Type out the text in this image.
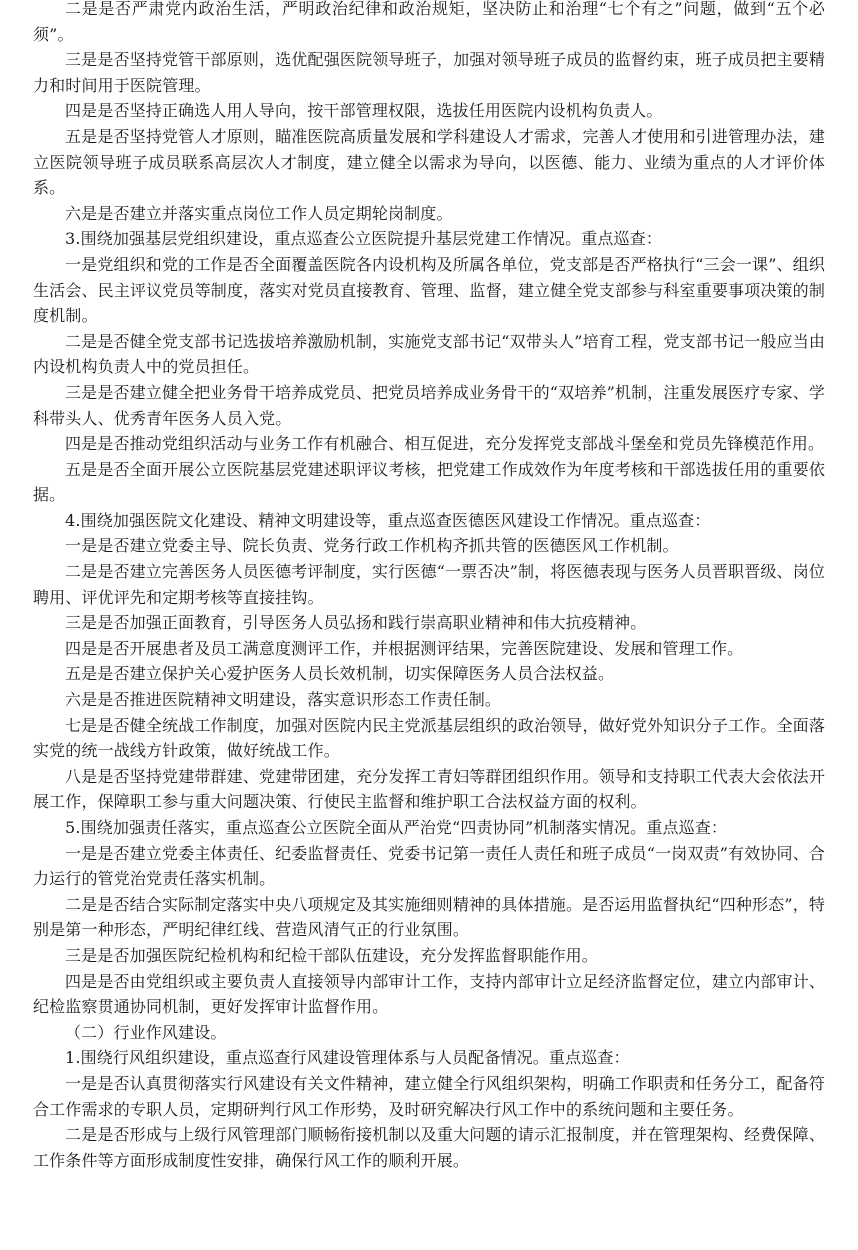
二是是否严肃党内政治生活，严明政治纪律和政治规矩，坚决防止和治理“七个有之”问题，做到“五个必须”。

三是是否坚持党管干部原则，选优配强医院领导班子，加强对领导班子成员的监督约束，班子成员把主要精力和时间用于医院管理。

四是是否坚持正确选人用人导向，按干部管理权限，选拔任用医院内设机构负责人。

五是是否坚持党管人才原则，瞄准医院高质量发展和学科建设人才需求，完善人才使用和引进管理办法，建立医院领导班子成员联系高层次人才制度，建立健全以需求为导向，以医德、能力、业绩为重点的人才评价体系。

六是是否建立并落实重点岗位工作人员定期轮岗制度。

3.围绕加强基层党组织建设，重点巡查公立医院提升基层党建工作情况。重点巡查：

一是党组织和党的工作是否全面覆盖医院各内设机构及所属各单位，党支部是否严格执行“三会一课”、组织生活会、民主评议党员等制度，落实对党员直接教育、管理、监督，建立健全党支部参与科室重要事项决策的制度机制。

二是是否健全党支部书记选拔培养激励机制，实施党支部书记“双带头人”培育工程，党支部书记一般应当由内设机构负责人中的党员担任。

三是是否建立健全把业务骨干培养成党员、把党员培养成业务骨干的“双培养”机制，注重发展医疗专家、学科带头人、优秀青年医务人员入党。

四是是否推动党组织活动与业务工作有机融合、相互促进，充分发挥党支部战斗堡垒和党员先锋模范作用。

五是是否全面开展公立医院基层党建述职评议考核，把党建工作成效作为年度考核和干部选拔任用的重要依据。

4.围绕加强医院文化建设、精神文明建设等，重点巡查医德医风建设工作情况。重点巡查：

一是是否建立党委主导、院长负责、党务行政工作机构齐抓共管的医德医风工作机制。

二是是否建立完善医务人员医德考评制度，实行医德“一票否决”制，将医德表现与医务人员晋职晋级、岗位聘用、评优评先和定期考核等直接挂钩。

三是是否加强正面教育，引导医务人员弘扬和践行崇高职业精神和伟大抗疫精神。

四是是否开展患者及员工满意度测评工作，并根据测评结果，完善医院建设、发展和管理工作。

五是是否建立保护关心爱护医务人员长效机制，切实保障医务人员合法权益。

六是是否推进医院精神文明建设，落实意识形态工作责任制。

七是是否健全统战工作制度，加强对医院内民主党派基层组织的政治领导，做好党外知识分子工作。全面落实党的统一战线方针政策，做好统战工作。

八是是否坚持党建带群建、党建带团建，充分发挥工青妇等群团组织作用。领导和支持职工代表大会依法开展工作，保障职工参与重大问题决策、行使民主监督和维护职工合法权益方面的权利。

5.围绕加强责任落实，重点巡查公立医院全面从严治党“四责协同”机制落实情况。重点巡查：

一是是否建立党委主体责任、纪委监督责任、党委书记第一责任人责任和班子成员“一岗双责”有效协同、合力运行的管党治党责任落实机制。

二是是否结合实际制定落实中央八项规定及其实施细则精神的具体措施。是否运用监督执纪“四种形态”，特别是第一种形态，严明纪律红线、营造风清气正的行业氛围。

三是是否加强医院纪检机构和纪检干部队伍建设，充分发挥监督职能作用。

四是是否由党组织或主要负责人直接领导内部审计工作，支持内部审计立足经济监督定位，建立内部审计、纪检监察贯通协同机制，更好发挥审计监督作用。

（二）行业作风建设。

1.围绕行风组织建设，重点巡查行风建设管理体系与人员配备情况。重点巡查：

一是是否认真贯彻落实行风建设有关文件精神，建立健全行风组织架构，明确工作职责和任务分工，配备符合工作需求的专职人员，定期研判行风工作形势，及时研究解决行风工作中的系统问题和主要任务。

二是是否形成与上级行风管理部门顺畅衔接机制以及重大问题的请示汇报制度，并在管理架构、经费保障、工作条件等方面形成制度性安排，确保行风工作的顺利开展。
